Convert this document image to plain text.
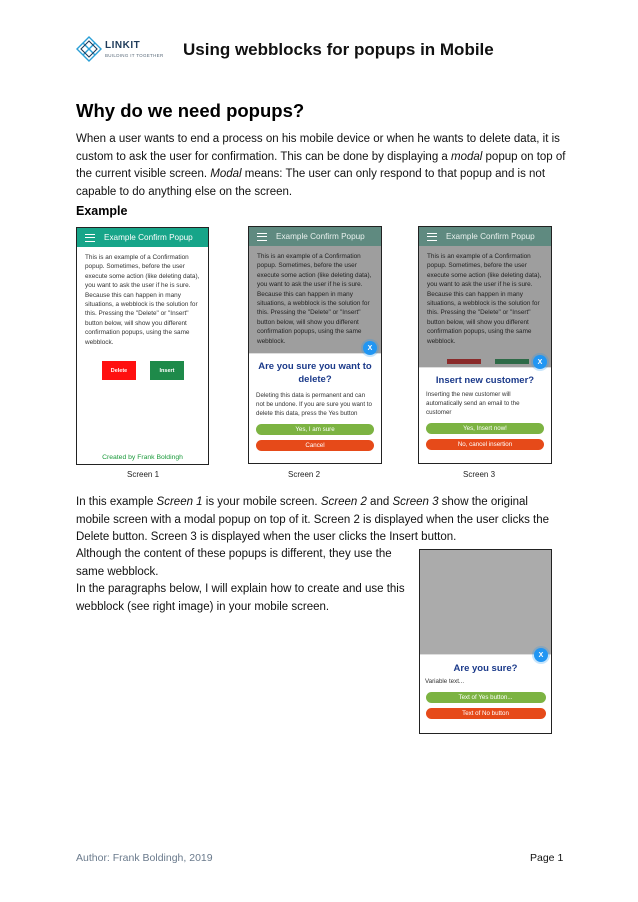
LINKIT
BUILDING IT TOGETHER Using webblocks for popups in Mobile
Why do we need popups?

When a user wants to end a process on his mobile device or when he wants to delete data, it is custom to ask the user for confirmation. This can be done by displaying a modal popup on top of the current visible screen. Modal means: The user can only respond to that popup and is not capable to do anything else on the screen.

Example
Example Confirm Popup
This is an example of a Confirmation popup. Sometimes, before the user execute some action (like deleting data), you want to ask the user if he is sure. Because this can happen in many situations, a webblock is the solution for this. Pressing the "Delete" or "Insert" button below, will show you different confirmation popups, using the same webblock.
Delete	Insert
Created by Frank Boldingh
Example Confirm Popup
This is an example of a Confirmation popup. Sometimes, before the user execute some action (like deleting data), you want to ask the user if he is sure. Because this can happen in many situations, a webblock is the solution for this. Pressing the "Delete" or "Insert" button below, will show you different confirmation popups, using the same webblock.
Are you sure you want to delete?
Deleting this data is permanent and can not be undone. If you are sure you want to delete this data, press the Yes button
Yes, I am sure
Cancel
X
Example Confirm Popup
This is an example of a Confirmation popup. Sometimes, before the user execute some action (like deleting data), you want to ask the user if he is sure. Because this can happen in many situations, a webblock is the solution for this. Pressing the "Delete" or "Insert" button below, will show you different confirmation popups, using the same webblock.
Insert new customer?
Inserting the new customer will automatically send an email to the customer
Yes, Insert now!
No, cancel insertion
X
Screen 1	Screen 2	Screen 3

In this example Screen 1 is your mobile screen. Screen 2 and Screen 3 show the original mobile screen with a modal popup on top of it. Screen 2 is displayed when the user clicks the Delete button. Screen 3 is displayed when the user clicks the Insert button.

Although the content of these popups is different, they use the same webblock.

In the paragraphs below, I will explain how to create and use this webblock (see right image) in your mobile screen.

Are you sure?
Variable text...
Text of Yes button...
Text of No button
X
Author: Frank Boldingh, 2019	Page 1
